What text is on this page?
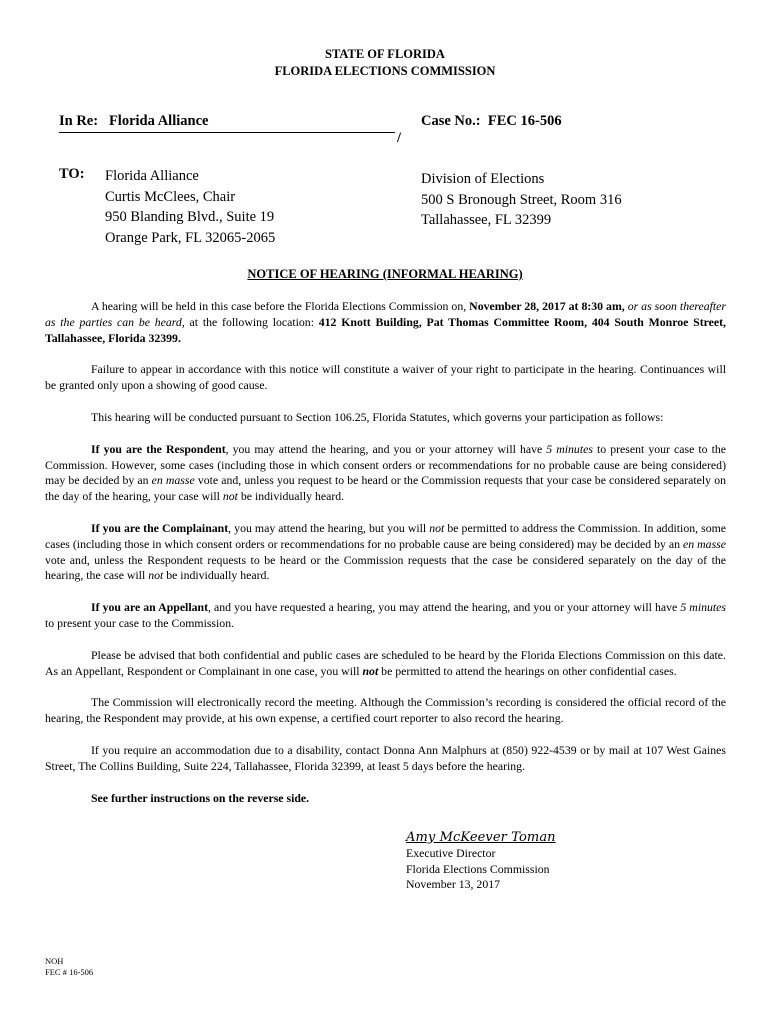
STATE OF FLORIDA
FLORIDA ELECTIONS COMMISSION
In Re: Florida Alliance	Case No.: FEC 16-506
/
TO: Florida Alliance
Curtis McClees, Chair
950 Blanding Blvd., Suite 19
Orange Park, FL 32065-2065
Division of Elections
500 S Bronough Street, Room 316
Tallahassee, FL 32399
NOTICE OF HEARING (INFORMAL HEARING)

A hearing will be held in this case before the Florida Elections Commission on, November 28, 2017 at 8:30 am, or as soon thereafter as the parties can be heard, at the following location: 412 Knott Building, Pat Thomas Committee Room, 404 South Monroe Street, Tallahassee, Florida 32399.

Failure to appear in accordance with this notice will constitute a waiver of your right to participate in the hearing. Continuances will be granted only upon a showing of good cause.

This hearing will be conducted pursuant to Section 106.25, Florida Statutes, which governs your participation as follows:

If you are the Respondent, you may attend the hearing, and you or your attorney will have 5 minutes to present your case to the Commission. However, some cases (including those in which consent orders or recommendations for no probable cause are being considered) may be decided by an en masse vote and, unless you request to be heard or the Commission requests that your case be considered separately on the day of the hearing, your case will not be individually heard.

If you are the Complainant, you may attend the hearing, but you will not be permitted to address the Commission. In addition, some cases (including those in which consent orders or recommendations for no probable cause are being considered) may be decided by an en masse vote and, unless the Respondent requests to be heard or the Commission requests that the case be considered separately on the day of the hearing, the case will not be individually heard.

If you are an Appellant, and you have requested a hearing, you may attend the hearing, and you or your attorney will have 5 minutes to present your case to the Commission.

Please be advised that both confidential and public cases are scheduled to be heard by the Florida Elections Commission on this date. As an Appellant, Respondent or Complainant in one case, you will not be permitted to attend the hearings on other confidential cases.

The Commission will electronically record the meeting. Although the Commission’s recording is considered the official record of the hearing, the Respondent may provide, at his own expense, a certified court reporter to also record the hearing.

If you require an accommodation due to a disability, contact Donna Ann Malphurs at (850) 922-4539 or by mail at 107 West Gaines Street, The Collins Building, Suite 224, Tallahassee, Florida 32399, at least 5 days before the hearing.

See further instructions on the reverse side.

Amy McKeever Toman
Executive Director
Florida Elections Commission
November 13, 2017
NOH
FEC # 16-506
